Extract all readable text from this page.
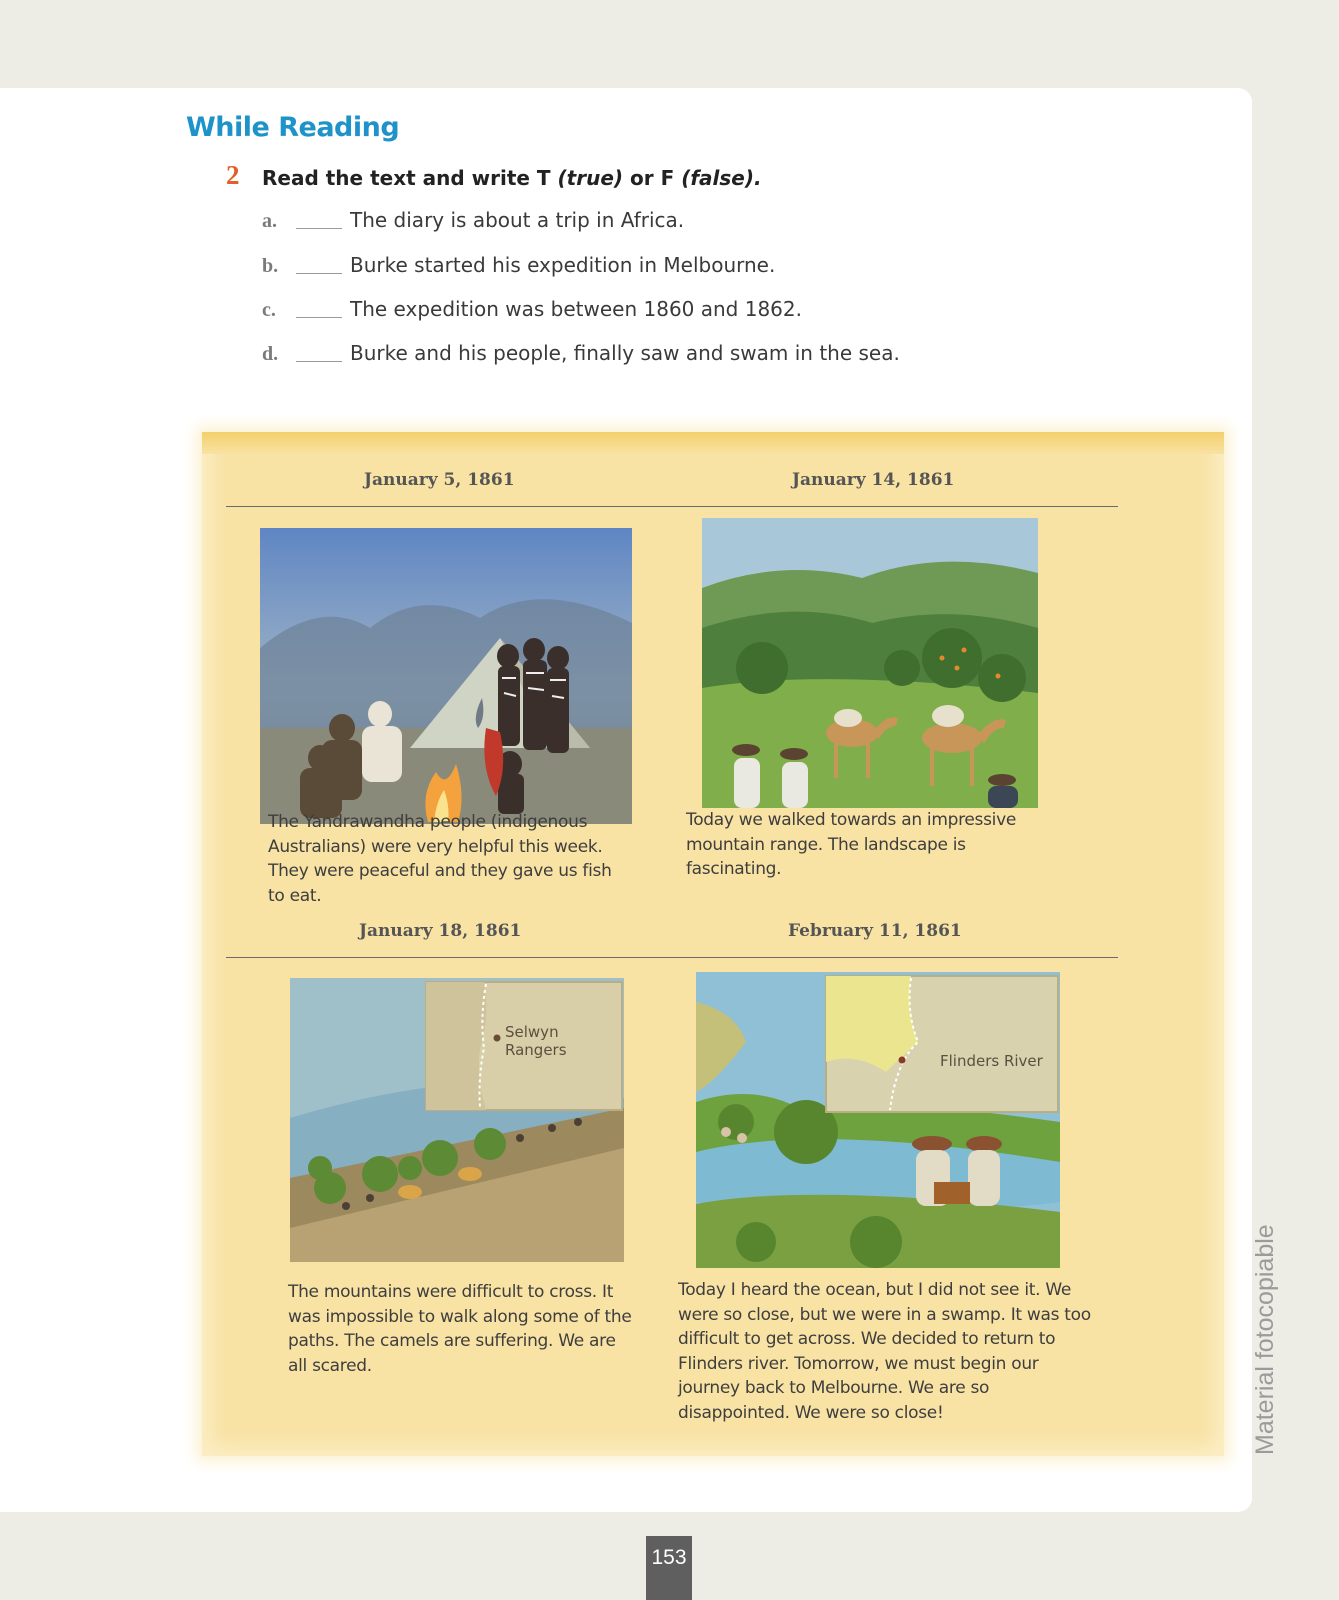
While Reading
2 Read the text and write T (true) or F (false).
a.	The diary is about a trip in Africa.
b.	Burke started his expedition in Melbourne.
c.	The expedition was between 1860 and 1862.
d.	Burke and his people, finally saw and swam in the sea.
January 5, 1861	January 14, 1861

The Yandrawandha people (indigenous Australians) were very helpful this week. They were peaceful and they gave us fish to eat.

Today we walked towards an impressive mountain range. The landscape is fascinating.

January 18, 1861	February 11, 1861
Selwyn
Rangers
Flinders River

The mountains were difficult to cross. It was impossible to walk along some of the paths. The camels are suffering. We are all scared.

Today I heard the ocean, but I did not see it. We were so close, but we were in a swamp. It was too difficult to get across. We decided to return to Flinders river. Tomorrow, we must begin our journey back to Melbourne. We are so disappointed. We were so close!	Material fotocopiable
153
